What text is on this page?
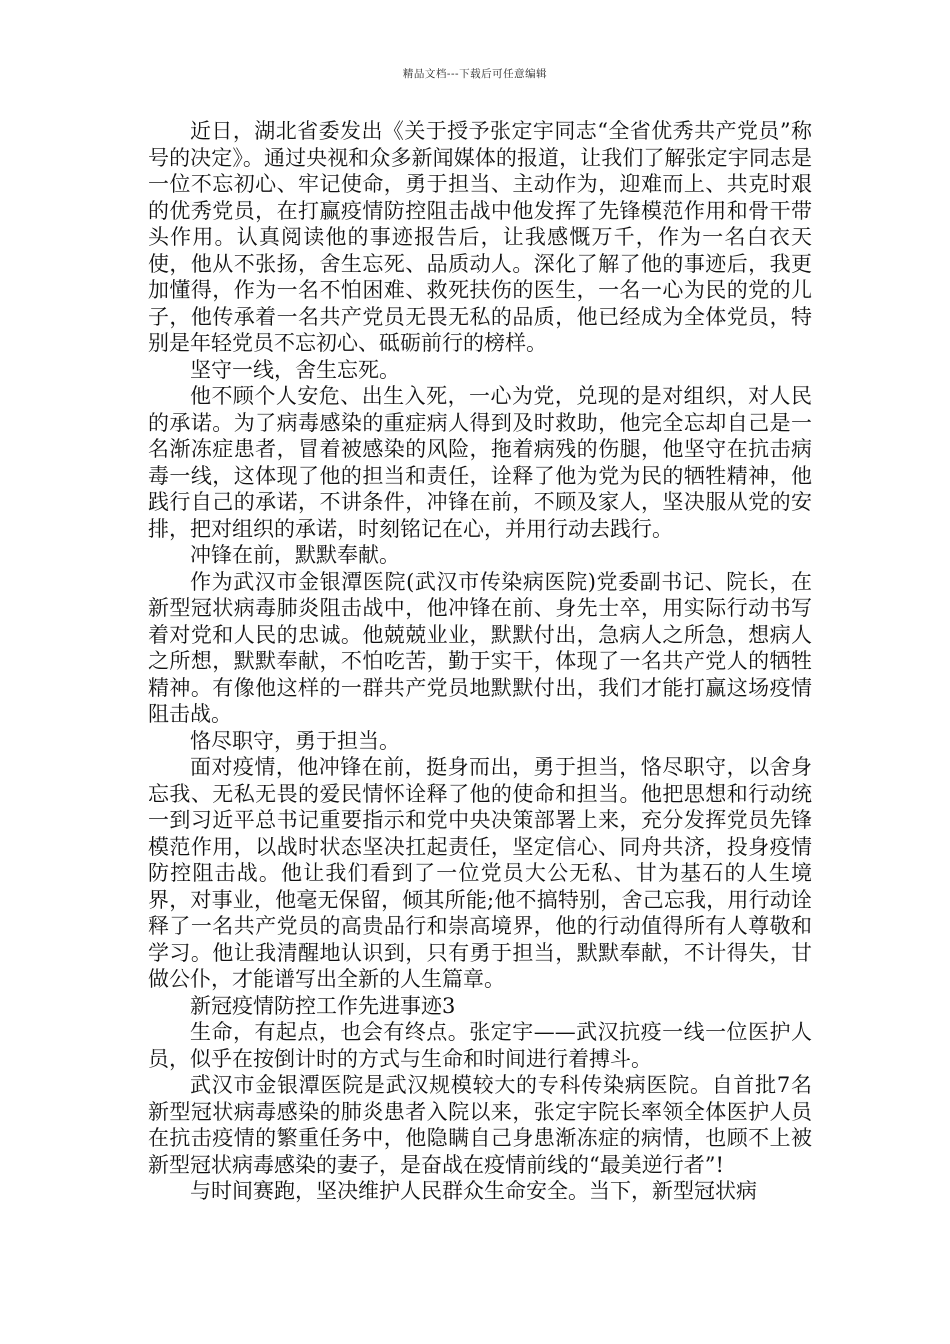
精品文档---下载后可任意编辑

近日，湖北省委发出《关于授予张定宇同志“全省优秀共产党员”称号的决定》。通过央视和众多新闻媒体的报道，让我们了解张定宇同志是一位不忘初心、牢记使命，勇于担当、主动作为，迎难而上、共克时艰的优秀党员，在打赢疫情防控阻击战中他发挥了先锋模范作用和骨干带头作用。认真阅读他的事迹报告后，让我感慨万千，作为一名白衣天使，他从不张扬，舍生忘死、品质动人。深化了解了他的事迹后，我更加懂得，作为一名不怕困难、救死扶伤的医生，一名一心为民的党的儿子，他传承着一名共产党员无畏无私的品质，他已经成为全体党员，特别是年轻党员不忘初心、砥砺前行的榜样。

坚守一线，舍生忘死。

他不顾个人安危、出生入死，一心为党，兑现的是对组织，对人民的承诺。为了病毒感染的重症病人得到及时救助，他完全忘却自己是一名渐冻症患者，冒着被感染的风险，拖着病残的伤腿，他坚守在抗击病毒一线，这体现了他的担当和责任，诠释了他为党为民的牺牲精神，他践行自己的承诺，不讲条件，冲锋在前，不顾及家人，坚决服从党的安排，把对组织的承诺，时刻铭记在心，并用行动去践行。

冲锋在前，默默奉献。

作为武汉市金银潭医院(武汉市传染病医院)党委副书记、院长，在新型冠状病毒肺炎阻击战中，他冲锋在前、身先士卒，用实际行动书写着对党和人民的忠诚。他兢兢业业，默默付出，急病人之所急，想病人之所想，默默奉献，不怕吃苦，勤于实干，体现了一名共产党人的牺牲精神。有像他这样的一群共产党员地默默付出，我们才能打赢这场疫情阻击战。

恪尽职守，勇于担当。

面对疫情，他冲锋在前，挺身而出，勇于担当，恪尽职守，以舍身忘我、无私无畏的爱民情怀诠释了他的使命和担当。他把思想和行动统一到习近平总书记重要指示和党中央决策部署上来，充分发挥党员先锋模范作用，以战时状态坚决扛起责任，坚定信心、同舟共济，投身疫情防控阻击战。他让我们看到了一位党员大公无私、甘为基石的人生境界，对事业，他毫无保留，倾其所能;他不搞特别，舍己忘我，用行动诠释了一名共产党员的高贵品行和崇高境界，他的行动值得所有人尊敬和学习。他让我清醒地认识到，只有勇于担当，默默奉献，不计得失，甘做公仆，才能谱写出全新的人生篇章。

新冠疫情防控工作先进事迹3

生命，有起点，也会有终点。张定宇——武汉抗疫一线一位医护人员，似乎在按倒计时的方式与生命和时间进行着搏斗。

武汉市金银潭医院是武汉规模较大的专科传染病医院。自首批7名新型冠状病毒感染的肺炎患者入院以来，张定宇院长率领全体医护人员在抗击疫情的繁重任务中，他隐瞒自己身患渐冻症的病情，也顾不上被新型冠状病毒感染的妻子，是奋战在疫情前线的“最美逆行者”!

与时间赛跑，坚决维护人民群众生命安全。当下，新型冠状病
